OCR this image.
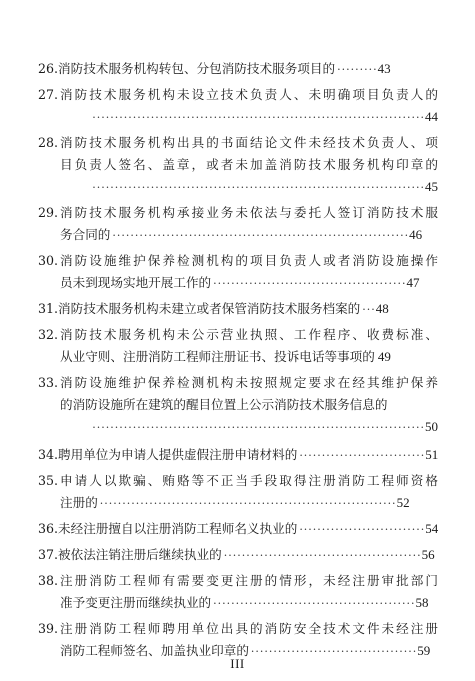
26.消防技术服务机构转包、分包消防技术服务项目的 ·········43
27.消防技术服务机构未设立技术负责人、未明确项目负责人的
··········································································44
28.消防技术服务机构出具的书面结论文件未经技术负责人、项
目负责人签名、盖章，或者未加盖消防技术服务机构印章的
··········································································45
29.消防技术服务机构承接业务未依法与委托人签订消防技术服
务合同的 ··································································46
30.消防设施维护保养检测机构的项目负责人或者消防设施操作
员未到现场实地开展工作的 ···········································47
31.消防技术服务机构未建立或者保管消防技术服务档案的 ···48
32.消防技术服务机构未公示营业执照、工作程序、收费标准、
从业守则、注册消防工程师注册证书、投诉电话等事项的 49
33.消防设施维护保养检测机构未按照规定要求在经其维护保养
的消防设施所在建筑的醒目位置上公示消防技术服务信息的
··········································································50
34.聘用单位为申请人提供虚假注册申请材料的 ····························51
35.申请人以欺骗、贿赂等不正当手段取得注册消防工程师资格
注册的 ··································································52
36.未经注册擅自以注册消防工程师名义执业的 ····························54
37.被依法注销注册后继续执业的 ············································56
38.注册消防工程师有需要变更注册的情形，未经注册审批部门
准予变更注册而继续执业的 ·············································58
39.注册消防工程师聘用单位出具的消防安全技术文件未经注册
消防工程师签名、加盖执业印章的 ·····································59
III
